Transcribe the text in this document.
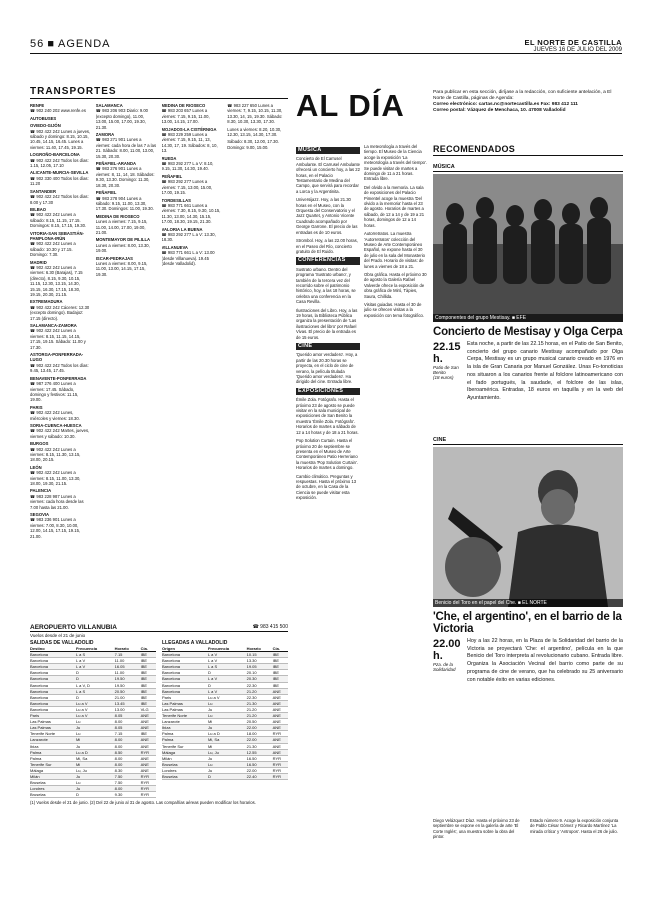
56 ■ AGENDA	EL NORTE DE CASTILLA
JUEVES 16 DE JULIO DEL 2009
TRANSPORTES

RENFE
☎ 902 240 202 www.renfe.es

AUTOBUSES

OVIEDO-GIJÓN
☎ 902 422 242 Lunes a jueves, sábado y domingo: 8.15, 10.15, 10.45, 14.15, 16.45. Lunes a viernes: 11.40, 17.45, 19.15.

LOGROÑO-BARCELONA
☎ 902 422 242 Todos los días: 1.15, 12.05, 17.10

ALICANTE-MURCIA-SEVILLA
☎ 902 330 400 Todos los días: 11.20

SANTANDER
☎ 902 422 242 Todos los días: 8.00 y 17.30

BILBAO
☎ 902 422 242 Lunes a sábado: 8.15, 11.15, 17.15. Domingos: 8.15, 17.15, 19.30.

VITORIA-SAN SEBASTIÁN-PAMPLONA-IRÚN
☎ 902 422 242 Lunes a sábado: 10.30 y 17.15. Domingo: 7.30.

MADRID
☎ 902 422 242 Lunes a viernes: 6.30 (Barajas), 7.15 (directo), 8.15, 9.30, 10.15, 11.15, 12.30, 13.15, 14.30, 15.15, 16.30, 17.15, 18.30, 19.15, 20.30, 21.15.

EXTREMADURA
☎ 902 422 242 Cáceres: 12.30 (excepto domingo). Badajoz: 17.15 (directo).

SALAMANCA-ZAMORA
☎ 902 422 242 Lunes a viernes: 8.15, 11.15, 14.15, 17.15, 19.15. Sábado: 11.00 y 17.30.

ASTORGA-PONFERRADA-LUGO
☎ 902 422 242 Todos los días: 9.45, 13.45, 17.45.

BENAVENTE-PONFERRADA
☎ 987 276 400 Lunes a viernes: 17.45. Sábado, domingo y festivos: 11.15, 19.00.

PARIS
☎ 902 422 242 Lunes, miércoles y viernes: 18.30.

SORIA-CUENCA-HUESCA
☎ 902 422 242 Martes, jueves, viernes y sábado: 10.30.

BURGOS
☎ 902 422 242 Lunes a viernes: 8.15, 11.30, 13.15, 18.00, 20.15.

LEÓN
☎ 902 422 242 Lunes a viernes: 8.15, 11.00, 13.30, 18.00, 19.30, 21.15.

PALENCIA
☎ 983 228 987 Lunes a viernes: cada hora desde las 7.00 hasta las 21.00.

SEGOVIA
☎ 983 236 901 Lunes a viernes: 7.00, 8.30, 10.00, 12.00, 14.15, 17.15, 19.15, 21.00.

SALAMANCA
☎ 983 206 903 Diario: 9.00 (excepto domingo), 11.00, 13.00, 15.00, 17.00, 19.30, 21.30.

ZAMORA
☎ 983 271 901 Lunes a viernes: cada hora de las 7 a las 21. Sábado: 8.00, 11.00, 13.00, 15.30, 20.30.

PEÑAFIEL-ARANDA
☎ 983 276 901 Lunes a viernes: 8, 11, 14, 18. Sábados: 9.30, 13.30. Domingo: 11.30, 18.30, 20.30.

PEÑAFIEL
☎ 983 278 904 Lunes a sábado: 9.15, 11.00, 13.30, 17.30. Domingos: 11.00, 19.30.

MEDINA DE RIOSECO
Lunes a viernes: 7.15, 9.15, 11.00, 14.00, 17.00, 19.00, 21.00.

MONTEMAYOR DE PILILLA
Lunes a viernes: 8.00, 13.30, 19.00.

ISCAR-PEDRAJAS
Lunes a viernes: 8.00, 9.15, 11.00, 13.00, 14.15, 17.15, 19.30.

MEDINA DE RIOSECO
☎ 983 203 657 Lunes a viernes: 7.15, 9.15, 11.00, 13.00, 14.15, 17.00.

MOJADOS-LA CISTÉRNIGA
☎ 983 229 259 Lunes a viernes: 7.15, 9.15, 11, 13, 14.30, 17, 19. Sábados: 8, 10, 13.

RUEDA
☎ 983 292 277 L a V: 8.10, 9.15, 11.30, 14.30, 19.40.

PEÑAFIEL
☎ 983 292 277 Lunes a viernes: 7.15, 13.00, 15.00, 17.00, 19.15.

TORDESILLAS
☎ 983 771 661 Lunes a viernes: 7.30, 8.15, 9.30, 10.15, 11.30, 13.00, 14.30, 15.15, 17.00, 18.30, 19.15, 21.30.

VALORIA LA BUENA
☎ 983 292 277 L a V: 13.30, 18.30.

VILLANUEVA
☎ 983 771 661 L a V: 13.00 (desde Villanueva). 19.45 (desde Valladolid).

☎ 983 227 650 Lunes a viernes: 7, 9.15, 10.15, 11.30, 13.30, 14, 15, 19.30. Sábado: 8.30, 10.30, 13.30, 17.30.

Lunes a viernes: 8.20, 10.30, 12.30, 13.15, 14.30, 17.30.

Sábado: 8.30, 12.00, 17.30. Domingo: 9.00, 15.00.

AEROPUERTO VILLANUBIA	☎ 983 415 500
Vuelos desde el 21 de junio
SALIDAS DE VALLADOLID
Destino	Frecuencia	Horario	Cía.
Barcelona	L a S	7.15	IBE
Barcelona	L a V	11.00	IBE
Barcelona	L a V	16.05	IBE
Barcelona	D	11.00	IBE
Barcelona	D	19.50	IBE
Barcelona	L a V, D	19.50	IBE
Barcelona	L a S	20.50	IBE
Barcelona	D	21.00	IBE
Barcelona	Lu a V	13.45	IBE
Barcelona	Lu a V	13.00	VLG
Paris	Lu a V	8.05	ANE
Las Palmas	Lu	8.00	ANE
Las Palmas	Ju	8.05	ANE
Tenerife Norte	Lu	7.15	IBE
Lanzarote	Mi	8.00	ANE
Ibiza	Ju	8.00	ANE
Palma	Lu a D	8.50	RYR
Palma	Mi, Sa	8.00	ANE
Tenerife Sur	Mi	8.00	ANE
Málaga	Lu, Ju	8.30	ANE
Milán	Ju	7.50	RYR
Bruselas	Lu	7.50	RYR
Londres	Ju	8.00	RYR
Bruselas	D	9.30	RYR
LLEGADAS A VALLADOLID
Origen	Frecuencia	Horario	Cía.
Barcelona	L a V	10.15	IBE
Barcelona	L a V	13.30	IBE
Barcelona	L a S	19.05	IBE
Barcelona	D	20.10	IBE
Barcelona	L a V	20.30	IBE
Barcelona	D	22.30	IBE
Barcelona	L a V	21.20	ANE
Paris	Lu a V	22.30	ANE
Las Palmas	Lu	21.30	ANE
Las Palmas	Ju	21.20	ANE
Tenerife Norte	Lu	21.20	ANE
Lanzarote	Mi	20.50	ANE
Ibiza	Ju	22.00	ANE
Palma	Lu a D	18.00	RYR
Palma	Mi, Sa	22.00	ANE
Tenerife Sur	Mi	21.30	ANE
Málaga	Lu, Ju	12.55	ANE
Milán	Ju	16.50	RYR
Bruselas	Lu	16.50	RYR
Londres	Ju	22.00	RYR
Bruselas	D	22.40	RYR
(1) Vuelos desde el 21 de junio. (2) Del 22 de junio al 31 de agosto. Las compañías aéreas pueden modificar los horarios.
AL DÍA	Para publicar en esta sección, diríjase a la redacción, con suficiente antelación, a El Norte de Castilla, páginas de Agenda:
Correo electrónico: cartas.nc@nortecastilla.es Fax: 983 412 111
Correo postal: Vázquez de Menchaca, 10. 47008 Valladolid
MÚSICA

Concierto de El Carrusel Ambulante. El Carrusel Ambulante ofrecerá un concierto hoy, a las 22 horas, en el Palacio Testamentario de Medina del Campo, que servirá para recordar a Lorca y la Argentinita.

Universijazz. Hoy, a las 21.30 horas en el Museo, con la Orquesta del Conservatorio y el Jazz Quartet, y Antonio Vicente Cuadrado acompañado por George Garrone. El precio de las entradas es de 10 euros.

Strombol. Hoy, a las 22.00 horas, en el Paseo del Río, concierto gratuito de El Ruido.

CONFERENCIAS

Sustrato urbano. Dentro del programa 'Sustrato urbano', y también de la tercera vez del recorrido sobre el patrimonio histórico, hoy, a las 18 horas, se celebra una conferencia en la Casa Revilla.

Ilustraciones del Libro. Hoy, a las 19 horas, la Biblioteca Pública organiza la presentación de 'Las ilustraciones del libro' por Rafael Vivas. El precio de la entrada es de 15 euros.

CINE

'Querido amor verdadero'. Hoy, a partir de las 20.30 horas se proyecta, en el ciclo de cine de verano, la película titulada 'Querido amor verdadero'. Ha dirigido del cine. Entrada libre.

EXPOSICIONES

Émile Zola. Fotógrafo. Hasta el próximo 23 de agosto se puede visitar en la sala municipal de exposiciones de San Benito la muestra 'Émile Zola. Fotógrafo'. Horarios de martes a sábado de 12 a 14 horas y de 18 a 21 horas.

Pop Solution Curtain. Hasta el próximo 20 de septiembre se presenta en el Museo de Arte Contemporáneo Patio Herreriano la muestra 'Pop Solution Curtain'. Horarios de martes a domingo.

Cambio climático. Preguntas y respuestas. Hasta el próximo 13 de octubre, en la Casa de la Ciencia se puede visitar esta exposición.

La meteorología a través del tiempo. El Museo de la Ciencia acoge la exposición 'La meteorología a través del tiempo'. Se puede visitar de martes a domingo de 11 a 21 horas. Entrada libre.

Del olvido a la memoria. La sala de exposiciones del Palacio Pimentel acoge la muestra 'Del olvido a la memoria' hasta el 23 de agosto. Horarios de martes a sábado, de 12 a 14 y de 19 a 21 horas, domingos de 12 a 14 horas.

Autorretratos. La muestra 'Autorretratos' colección del Museo de Arte Contemporáneo Español, se expone hasta el 30 de julio en la sala del Monasterio del Prado. Horario de visitas: de lunes a viernes de 18 a 21.

Obra gráfica. Hasta el próximo 30 de agosto la Galería Rafael Valverde ofrece la exposición de obra gráfica de Miró, Tàpies, Saura, Chillida.

Visitas guiadas. Hasta el 30 de julio se ofrecen visitas a la exposición con tema fotográfico.

RECOMENDADOS
MÚSICA
Componentes del grupo Mestisay. ■ EFE
Concierto de Mestisay y Olga Cerpa
22.15 h.
Patio de San Benito
(18 euros)
Esta noche, a partir de las 22.15 horas, en el Patio de San Benito, concierto del grupo canario Mestisay acompañado por Olga Cerpa, Mestisay es un grupo musical canario creado en 1976 en la isla de Gran Canaria por Manuel González. Unas Fo-tonoticias nos situaron a los canarios frente al folclore latinoamericano con el fado portugués, la saudade, el folclore de las islas, Iberoamérica. Entradas, 18 euros en taquilla y en la web del Ayuntamiento.
CINE
Benicio del Toro en el papel del Che. ■ EL NORTE
'Che, el argentino', en el barrio de la Victoria
22.00 h.
Pza. de la Solidaridad
Hoy a las 22 horas, en la Plaza de la Solidaridad del barrio de la Victoria se proyectará 'Che: el argentino', película en la que Benicio del Toro interpreta al revolucionario cubano. Entrada libre. Organiza la Asociación Vecinal del barrio como parte de su programa de cine de verano, que ha celebrado su 25 aniversario con notable éxito en varias ediciones.
Diego Velázquez Díaz. Hasta el próximo 23 de septiembre se expone en la galería de arte 'El Corte Inglés', una muestra sobre la obra del pintor.
Estado número 9. Acoge la exposición conjunta de Pablo César Gómez y Ricardo Martínez 'La mirada crítica' y 'Antropos'. Hasta el 26 de julio.
